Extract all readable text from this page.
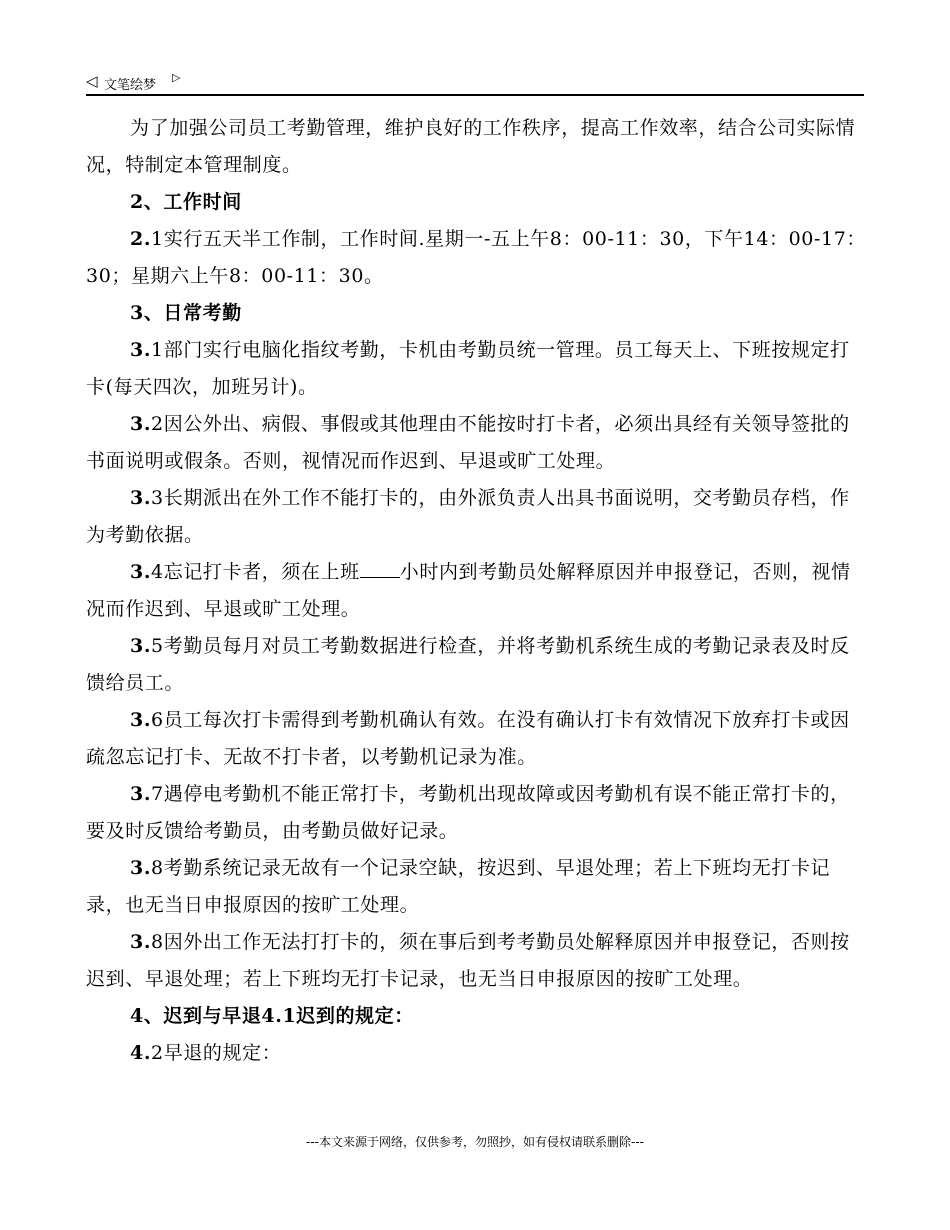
◁ 文笔绘梦
▷

为了加强公司员工考勤管理，维护良好的工作秩序，提高工作效率，结合公司实际情况，特制定本管理制度。

2、工作时间

2.1实行五天半工作制，工作时间.星期一-五上午8：00-11：30，下午14：00-17：30；星期六上午8：00-11：30。

3、日常考勤

3.1部门实行电脑化指纹考勤，卡机由考勤员统一管理。员工每天上、下班按规定打卡(每天四次，加班另计)。

3.2因公外出、病假、事假或其他理由不能按时打卡者，必须出具经有关领导签批的书面说明或假条。否则，视情况而作迟到、早退或旷工处理。

3.3长期派出在外工作不能打卡的，由外派负责人出具书面说明，交考勤员存档，作为考勤依据。

3.4忘记打卡者，须在上班 小时内到考勤员处解释原因并申报登记，否则，视情况而作迟到、早退或旷工处理。

3.5考勤员每月对员工考勤数据进行检查，并将考勤机系统生成的考勤记录表及时反馈给员工。

3.6员工每次打卡需得到考勤机确认有效。在没有确认打卡有效情况下放弃打卡或因疏忽忘记打卡、无故不打卡者，以考勤机记录为准。

3.7遇停电考勤机不能正常打卡，考勤机出现故障或因考勤机有误不能正常打卡的，要及时反馈给考勤员，由考勤员做好记录。

3.8考勤系统记录无故有一个记录空缺，按迟到、早退处理；若上下班均无打卡记录，也无当日申报原因的按旷工处理。

3.8因外出工作无法打打卡的，须在事后到考考勤员处解释原因并申报登记，否则按迟到、早退处理；若上下班均无打卡记录，也无当日申报原因的按旷工处理。

4、迟到与早退4.1迟到的规定：

4.2早退的规定：

---本文来源于网络，仅供参考，勿照抄，如有侵权请联系删除---
